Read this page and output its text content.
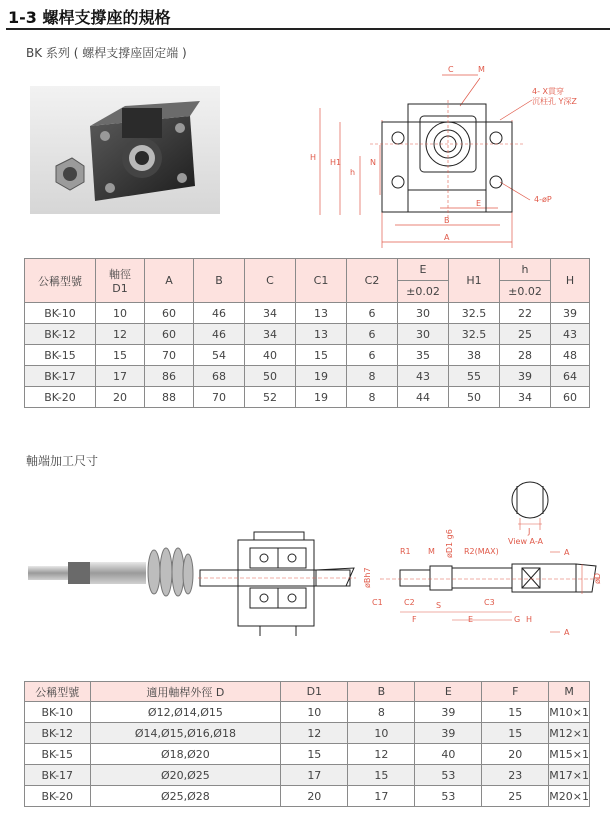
1-3 螺桿支撐座的規格
BK 系列 ( 螺桿支撐座固定端 )
C	M
4- X貫穿
沉柱孔 Y深Z
4-øP
H
H1
h
N
E
B
A
公稱型號	軸徑
D1	A	B	C	C1	C2	E	H1	h	H
							±0.02		±0.02	
BK-10	10	60	46	34	13	6	30	32.5	22	39
BK-12	12	60	46	34	13	6	30	32.5	25	43
BK-15	15	70	54	40	15	6	35	38	28	48
BK-17	17	86	68	50	19	8	43	55	39	64
BK-20	20	88	70	52	19	8	44	50	34	60
軸端加工尺寸
J
View A-A
A
A
R1 M øD1 g6 R2(MAX)
øD
øBh7
C1	C2	S	C3
F	E	G H
公稱型號	適用軸桿外徑 D	D1	B	E	F	M
BK-10	Ø12,Ø14,Ø15	10	8	39	15	M10×1
BK-12	Ø14,Ø15,Ø16,Ø18	12	10	39	15	M12×1
BK-15	Ø18,Ø20	15	12	40	20	M15×1
BK-17	Ø20,Ø25	17	15	53	23	M17×1
BK-20	Ø25,Ø28	20	17	53	25	M20×1
